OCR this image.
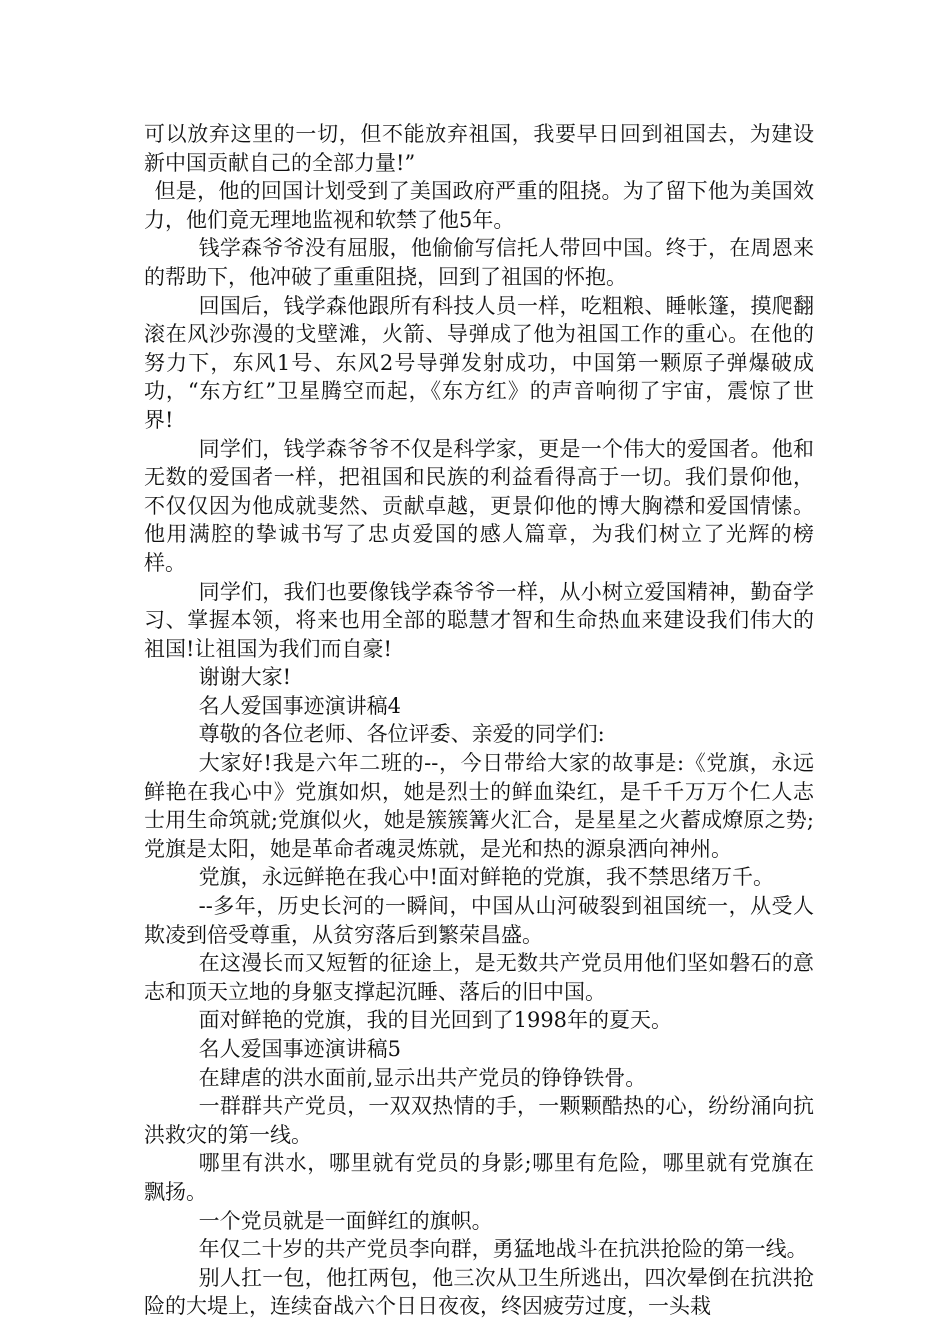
可以放弃这里的一切，但不能放弃祖国，我要早日回到祖国去，为建设新中国贡献自己的全部力量!”

但是，他的回国计划受到了美国政府严重的阻挠。为了留下他为美国效力，他们竟无理地监视和软禁了他5年。

钱学森爷爷没有屈服，他偷偷写信托人带回中国。终于，在周恩来的帮助下，他冲破了重重阻挠，回到了祖国的怀抱。

回国后，钱学森他跟所有科技人员一样，吃粗粮、睡帐篷，摸爬翻滚在风沙弥漫的戈壁滩，火箭、导弹成了他为祖国工作的重心。在他的努力下，东风1号、东风2号导弹发射成功，中国第一颗原子弹爆破成功，“东方红”卫星腾空而起，《东方红》的声音响彻了宇宙，震惊了世界!

同学们，钱学森爷爷不仅是科学家，更是一个伟大的爱国者。他和无数的爱国者一样，把祖国和民族的利益看得高于一切。我们景仰他，不仅仅因为他成就斐然、贡献卓越，更景仰他的博大胸襟和爱国情愫。他用满腔的挚诚书写了忠贞爱国的感人篇章，为我们树立了光辉的榜样。

同学们，我们也要像钱学森爷爷一样，从小树立爱国精神，勤奋学习、掌握本领，将来也用全部的聪慧才智和生命热血来建设我们伟大的祖国!让祖国为我们而自豪!

谢谢大家!

名人爱国事迹演讲稿4

尊敬的各位老师、各位评委、亲爱的同学们:

大家好!我是六年二班的--，今日带给大家的故事是:《党旗，永远鲜艳在我心中》党旗如炽，她是烈士的鲜血染红，是千千万万个仁人志士用生命筑就;党旗似火，她是簇簇篝火汇合，是星星之火蓄成燎原之势;党旗是太阳，她是革命者魂灵炼就，是光和热的源泉洒向神州。

党旗，永远鲜艳在我心中!面对鲜艳的党旗，我不禁思绪万千。

--多年，历史长河的一瞬间，中国从山河破裂到祖国统一，从受人欺凌到倍受尊重，从贫穷落后到繁荣昌盛。

在这漫长而又短暂的征途上，是无数共产党员用他们坚如磐石的意志和顶天立地的身躯支撑起沉睡、落后的旧中国。

面对鲜艳的党旗，我的目光回到了1998年的夏天。

名人爱国事迹演讲稿5

在肆虐的洪水面前,显示出共产党员的铮铮铁骨。

一群群共产党员，一双双热情的手，一颗颗酷热的心，纷纷涌向抗洪救灾的第一线。

哪里有洪水，哪里就有党员的身影;哪里有危险，哪里就有党旗在飘扬。

一个党员就是一面鲜红的旗帜。

年仅二十岁的共产党员李向群，勇猛地战斗在抗洪抢险的第一线。

别人扛一包，他扛两包，他三次从卫生所逃出，四次晕倒在抗洪抢险的大堤上，连续奋战六个日日夜夜，终因疲劳过度，一头栽
